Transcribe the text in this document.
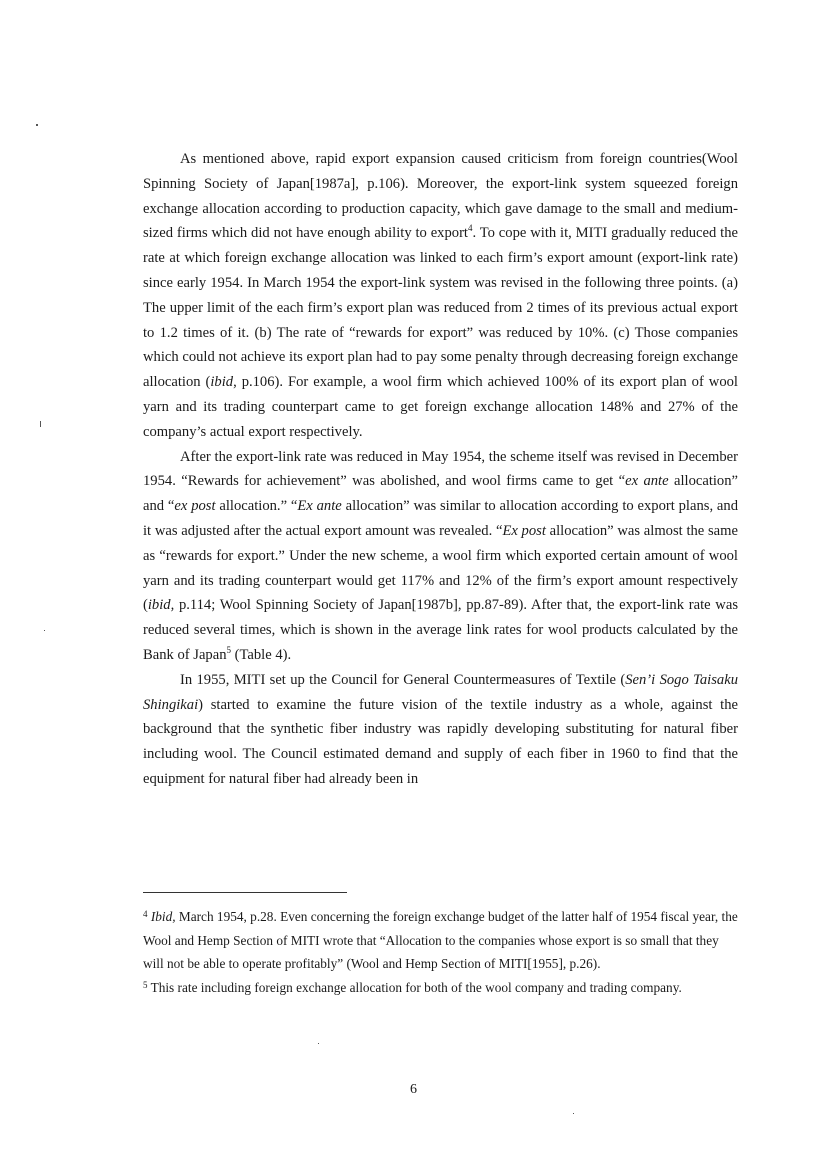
As mentioned above, rapid export expansion caused criticism from foreign countries(Wool Spinning Society of Japan[1987a], p.106). Moreover, the export-link system squeezed foreign exchange allocation according to production capacity, which gave damage to the small and medium-sized firms which did not have enough ability to export$^4$. To cope with it, MITI gradually reduced the rate at which foreign exchange allocation was linked to each firm’s export amount (export-link rate) since early 1954. In March 1954 the export-link system was revised in the following three points. (a) The upper limit of the each firm’s export plan was reduced from 2 times of its previous actual export to 1.2 times of it. (b) The rate of “rewards for export” was reduced by 10%. (c) Those companies which could not achieve its export plan had to pay some penalty through decreasing foreign exchange allocation (ibid, p.106). For example, a wool firm which achieved 100% of its export plan of wool yarn and its trading counterpart came to get foreign exchange allocation 148% and 27% of the company’s actual export respectively.

After the export-link rate was reduced in May 1954, the scheme itself was revised in December 1954. “Rewards for achievement” was abolished, and wool firms came to get “ex ante allocation” and “ex post allocation.” “Ex ante allocation” was similar to allocation according to export plans, and it was adjusted after the actual export amount was revealed. “Ex post allocation” was almost the same as “rewards for export.” Under the new scheme, a wool firm which exported certain amount of wool yarn and its trading counterpart would get 117% and 12% of the firm’s export amount respectively (ibid, p.114; Wool Spinning Society of Japan[1987b], pp.87-89). After that, the export-link rate was reduced several times, which is shown in the average link rates for wool products calculated by the Bank of Japan$^5$ (Table 4).

In 1955, MITI set up the Council for General Countermeasures of Textile (Sen’i Sogo Taisaku Shingikai) started to examine the future vision of the textile industry as a whole, against the background that the synthetic fiber industry was rapidly developing substituting for natural fiber including wool. The Council estimated demand and supply of each fiber in 1960 to find that the equipment for natural fiber had already been in

$^4$ Ibid, March 1954, p.28. Even concerning the foreign exchange budget of the latter half of 1954 fiscal year, the Wool and Hemp Section of MITI wrote that “Allocation to the companies whose export is so small that they will not be able to operate profitably” (Wool and Hemp Section of MITI[1955], p.26).

$^5$ This rate including foreign exchange allocation for both of the wool company and trading company.

6
